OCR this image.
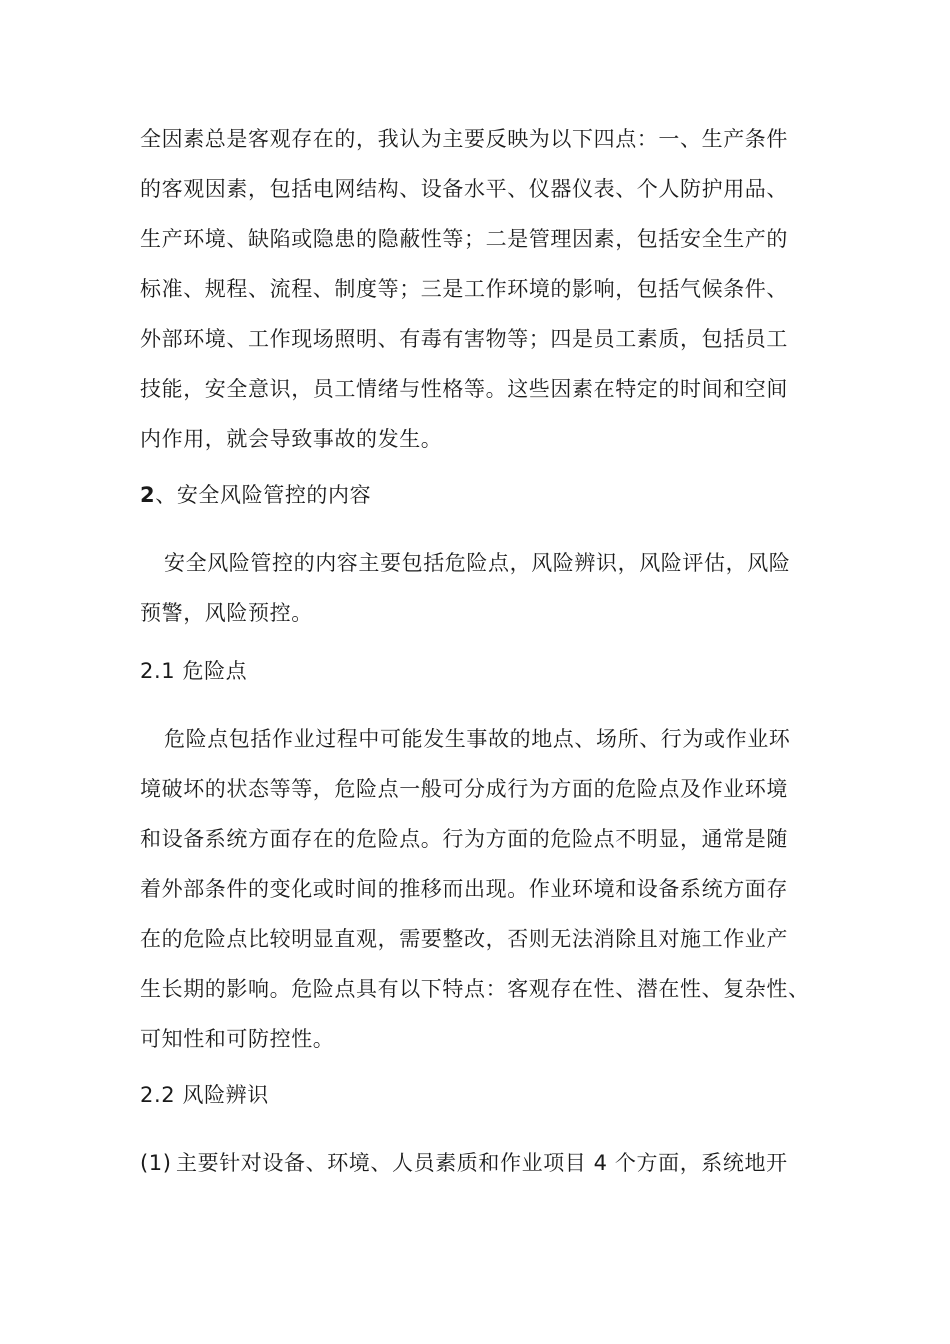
全因素总是客观存在的，我认为主要反映为以下四点：一、生产条件
的客观因素，包括电网结构、设备水平、仪器仪表、个人防护用品、
生产环境、缺陷或隐患的隐蔽性等；二是管理因素，包括安全生产的
标准、规程、流程、制度等；三是工作环境的影响，包括气候条件、
外部环境、工作现场照明、有毒有害物等；四是员工素质，包括员工
技能，安全意识，员工情绪与性格等。这些因素在特定的时间和空间
内作用，就会导致事故的发生。
2、安全风险管控的内容
安全风险管控的内容主要包括危险点，风险辨识，风险评估，风险
预警，风险预控。
2.1 危险点
危险点包括作业过程中可能发生事故的地点、场所、行为或作业环
境破坏的状态等等，危险点一般可分成行为方面的危险点及作业环境
和设备系统方面存在的危险点。行为方面的危险点不明显，通常是随
着外部条件的变化或时间的推移而出现。作业环境和设备系统方面存
在的危险点比较明显直观，需要整改，否则无法消除且对施工作业产
生长期的影响。危险点具有以下特点：客观存在性、潜在性、复杂性、
可知性和可防控性。
2.2 风险辨识
(1) 主要针对设备、环境、人员素质和作业项目 4 个方面，系统地开
